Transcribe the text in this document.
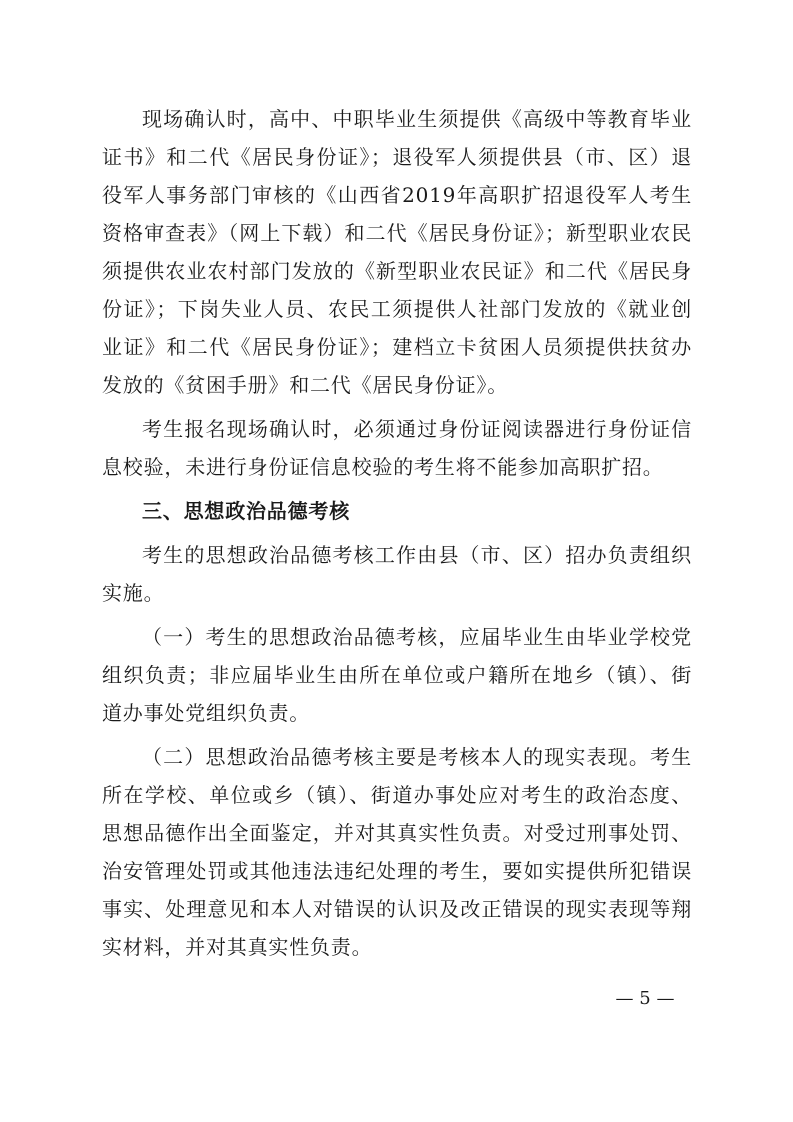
现场确认时，高中、中职毕业生须提供《高级中等教育毕业证书》和二代《居民身份证》；退役军人须提供县（市、区）退役军人事务部门审核的《山西省2019年高职扩招退役军人考生资格审查表》（网上下载）和二代《居民身份证》；新型职业农民须提供农业农村部门发放的《新型职业农民证》和二代《居民身份证》；下岗失业人员、农民工须提供人社部门发放的《就业创业证》和二代《居民身份证》；建档立卡贫困人员须提供扶贫办发放的《贫困手册》和二代《居民身份证》。

考生报名现场确认时，必须通过身份证阅读器进行身份证信息校验，未进行身份证信息校验的考生将不能参加高职扩招。

三、思想政治品德考核

考生的思想政治品德考核工作由县（市、区）招办负责组织实施。

（一）考生的思想政治品德考核，应届毕业生由毕业学校党组织负责；非应届毕业生由所在单位或户籍所在地乡（镇）、街道办事处党组织负责。

（二）思想政治品德考核主要是考核本人的现实表现。考生所在学校、单位或乡（镇）、街道办事处应对考生的政治态度、思想品德作出全面鉴定，并对其真实性负责。对受过刑事处罚、治安管理处罚或其他违法违纪处理的考生，要如实提供所犯错误事实、处理意见和本人对错误的认识及改正错误的现实表现等翔实材料，并对其真实性负责。

— 5 —
